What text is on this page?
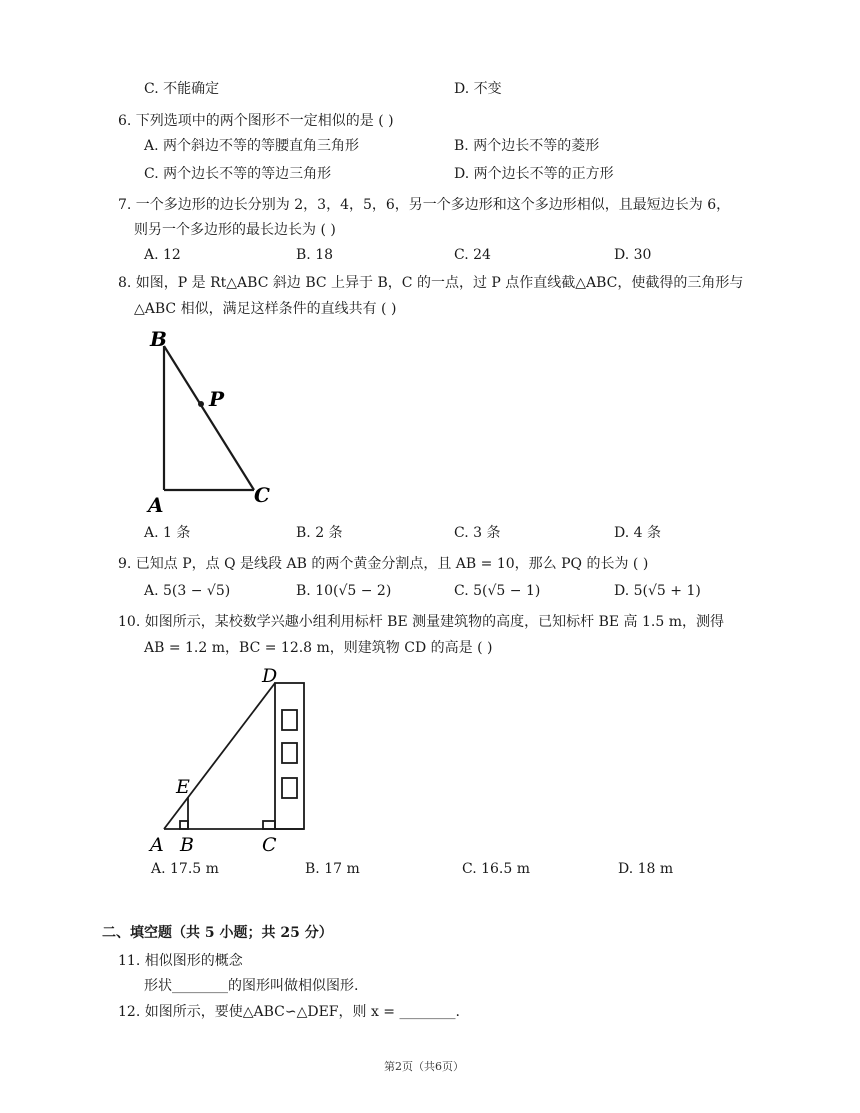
C. 不能确定	D. 不变
6. 下列选项中的两个图形不一定相似的是 ( )
A. 两个斜边不等的等腰直角三角形	B. 两个边长不等的菱形
C. 两个边长不等的等边三角形	D. 两个边长不等的正方形
7. 一个多边形的边长分别为 2，3，4，5，6，另一个多边形和这个多边形相似，且最短边长为 6，
则另一个多边形的最长边长为 ( )
A. 12	B. 18	C. 24	D. 30
8. 如图，P 是 Rt△ABC 斜边 BC 上异于 B，C 的一点，过 P 点作直线截△ABC，使截得的三角形与
△ABC 相似，满足这样条件的直线共有 ( )
B
P
A	C
A. 1 条	B. 2 条	C. 3 条	D. 4 条
9. 已知点 P，点 Q 是线段 AB 的两个黄金分割点，且 AB = 10，那么 PQ 的长为 ( )
A. 5(3 − √5)	B. 10(√5 − 2)	C. 5(√5 − 1)	D. 5(√5 + 1)
10. 如图所示，某校数学兴趣小组利用标杆 BE 测量建筑物的高度，已知标杆 BE 高 1.5 m，测得
AB = 1.2 m，BC = 12.8 m，则建筑物 CD 的高是 ( )
D
E
A B	C
A. 17.5 m	B. 17 m	C. 16.5 m	D. 18 m
二、填空题（共 5 小题；共 25 分）
11. 相似图形的概念
形状________的图形叫做相似图形.
12. 如图所示，要使△ABC∽△DEF，则 x = ________.
第2页（共6页）
